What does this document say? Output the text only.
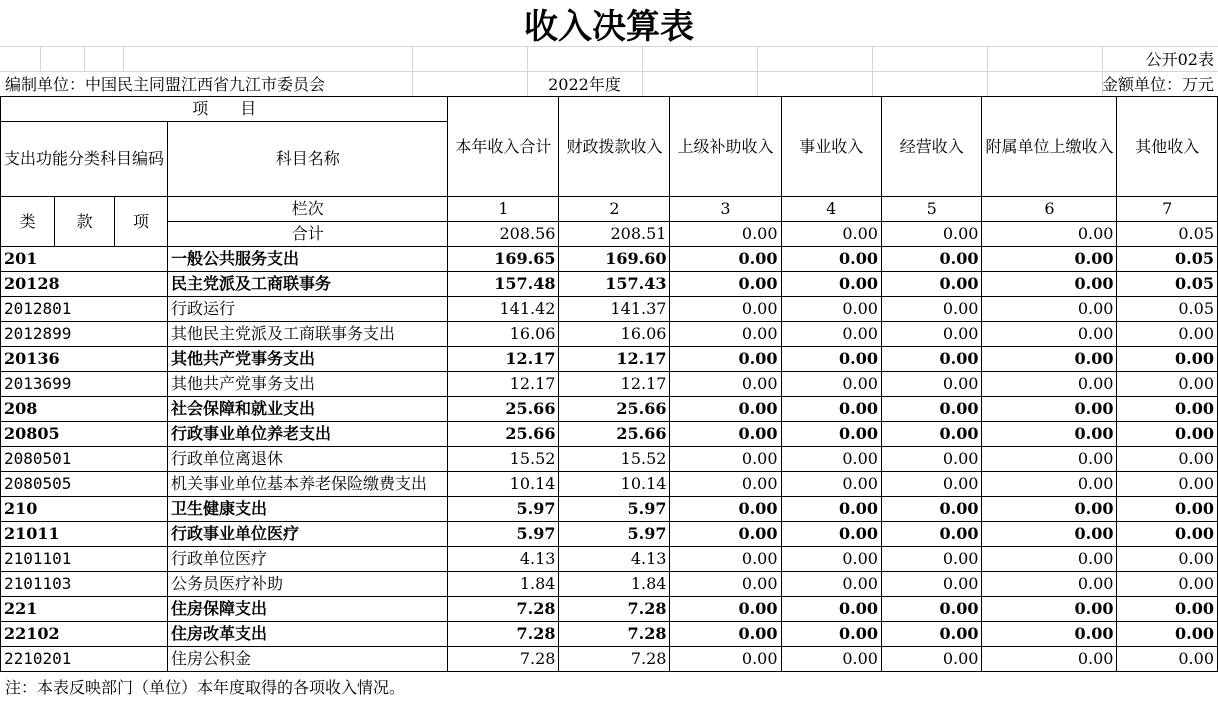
收入决算表
公开02表
编制单位：中国民主同盟江西省九江市委员会	2022年度	金额单位：万元
项　　目				本年收入合计	财政拨款收入	上级补助收入	事业收入	经营收入	附属单位上缴收入	其他收入
支出功能分类科目编码			科目名称							

类	款	项	栏次	1	2	3	4	5	6	7
			合计	208.56	208.51	0.00	0.00	0.00	0.00	0.05
201			一般公共服务支出	169.65	169.60	0.00	0.00	0.00	0.00	0.05
20128			民主党派及工商联事务	157.48	157.43	0.00	0.00	0.00	0.00	0.05
2012801			行政运行	141.42	141.37	0.00	0.00	0.00	0.00	0.05
2012899			其他民主党派及工商联事务支出	16.06	16.06	0.00	0.00	0.00	0.00	0.00
20136			其他共产党事务支出	12.17	12.17	0.00	0.00	0.00	0.00	0.00
2013699			其他共产党事务支出	12.17	12.17	0.00	0.00	0.00	0.00	0.00
208			社会保障和就业支出	25.66	25.66	0.00	0.00	0.00	0.00	0.00
20805			行政事业单位养老支出	25.66	25.66	0.00	0.00	0.00	0.00	0.00
2080501			行政单位离退休	15.52	15.52	0.00	0.00	0.00	0.00	0.00
2080505			机关事业单位基本养老保险缴费支出	10.14	10.14	0.00	0.00	0.00	0.00	0.00
210			卫生健康支出	5.97	5.97	0.00	0.00	0.00	0.00	0.00
21011			行政事业单位医疗	5.97	5.97	0.00	0.00	0.00	0.00	0.00
2101101			行政单位医疗	4.13	4.13	0.00	0.00	0.00	0.00	0.00
2101103			公务员医疗补助	1.84	1.84	0.00	0.00	0.00	0.00	0.00
221			住房保障支出	7.28	7.28	0.00	0.00	0.00	0.00	0.00
22102			住房改革支出	7.28	7.28	0.00	0.00	0.00	0.00	0.00
2210201			住房公积金	7.28	7.28	0.00	0.00	0.00	0.00	0.00
注：本表反映部门（单位）本年度取得的各项收入情况。
